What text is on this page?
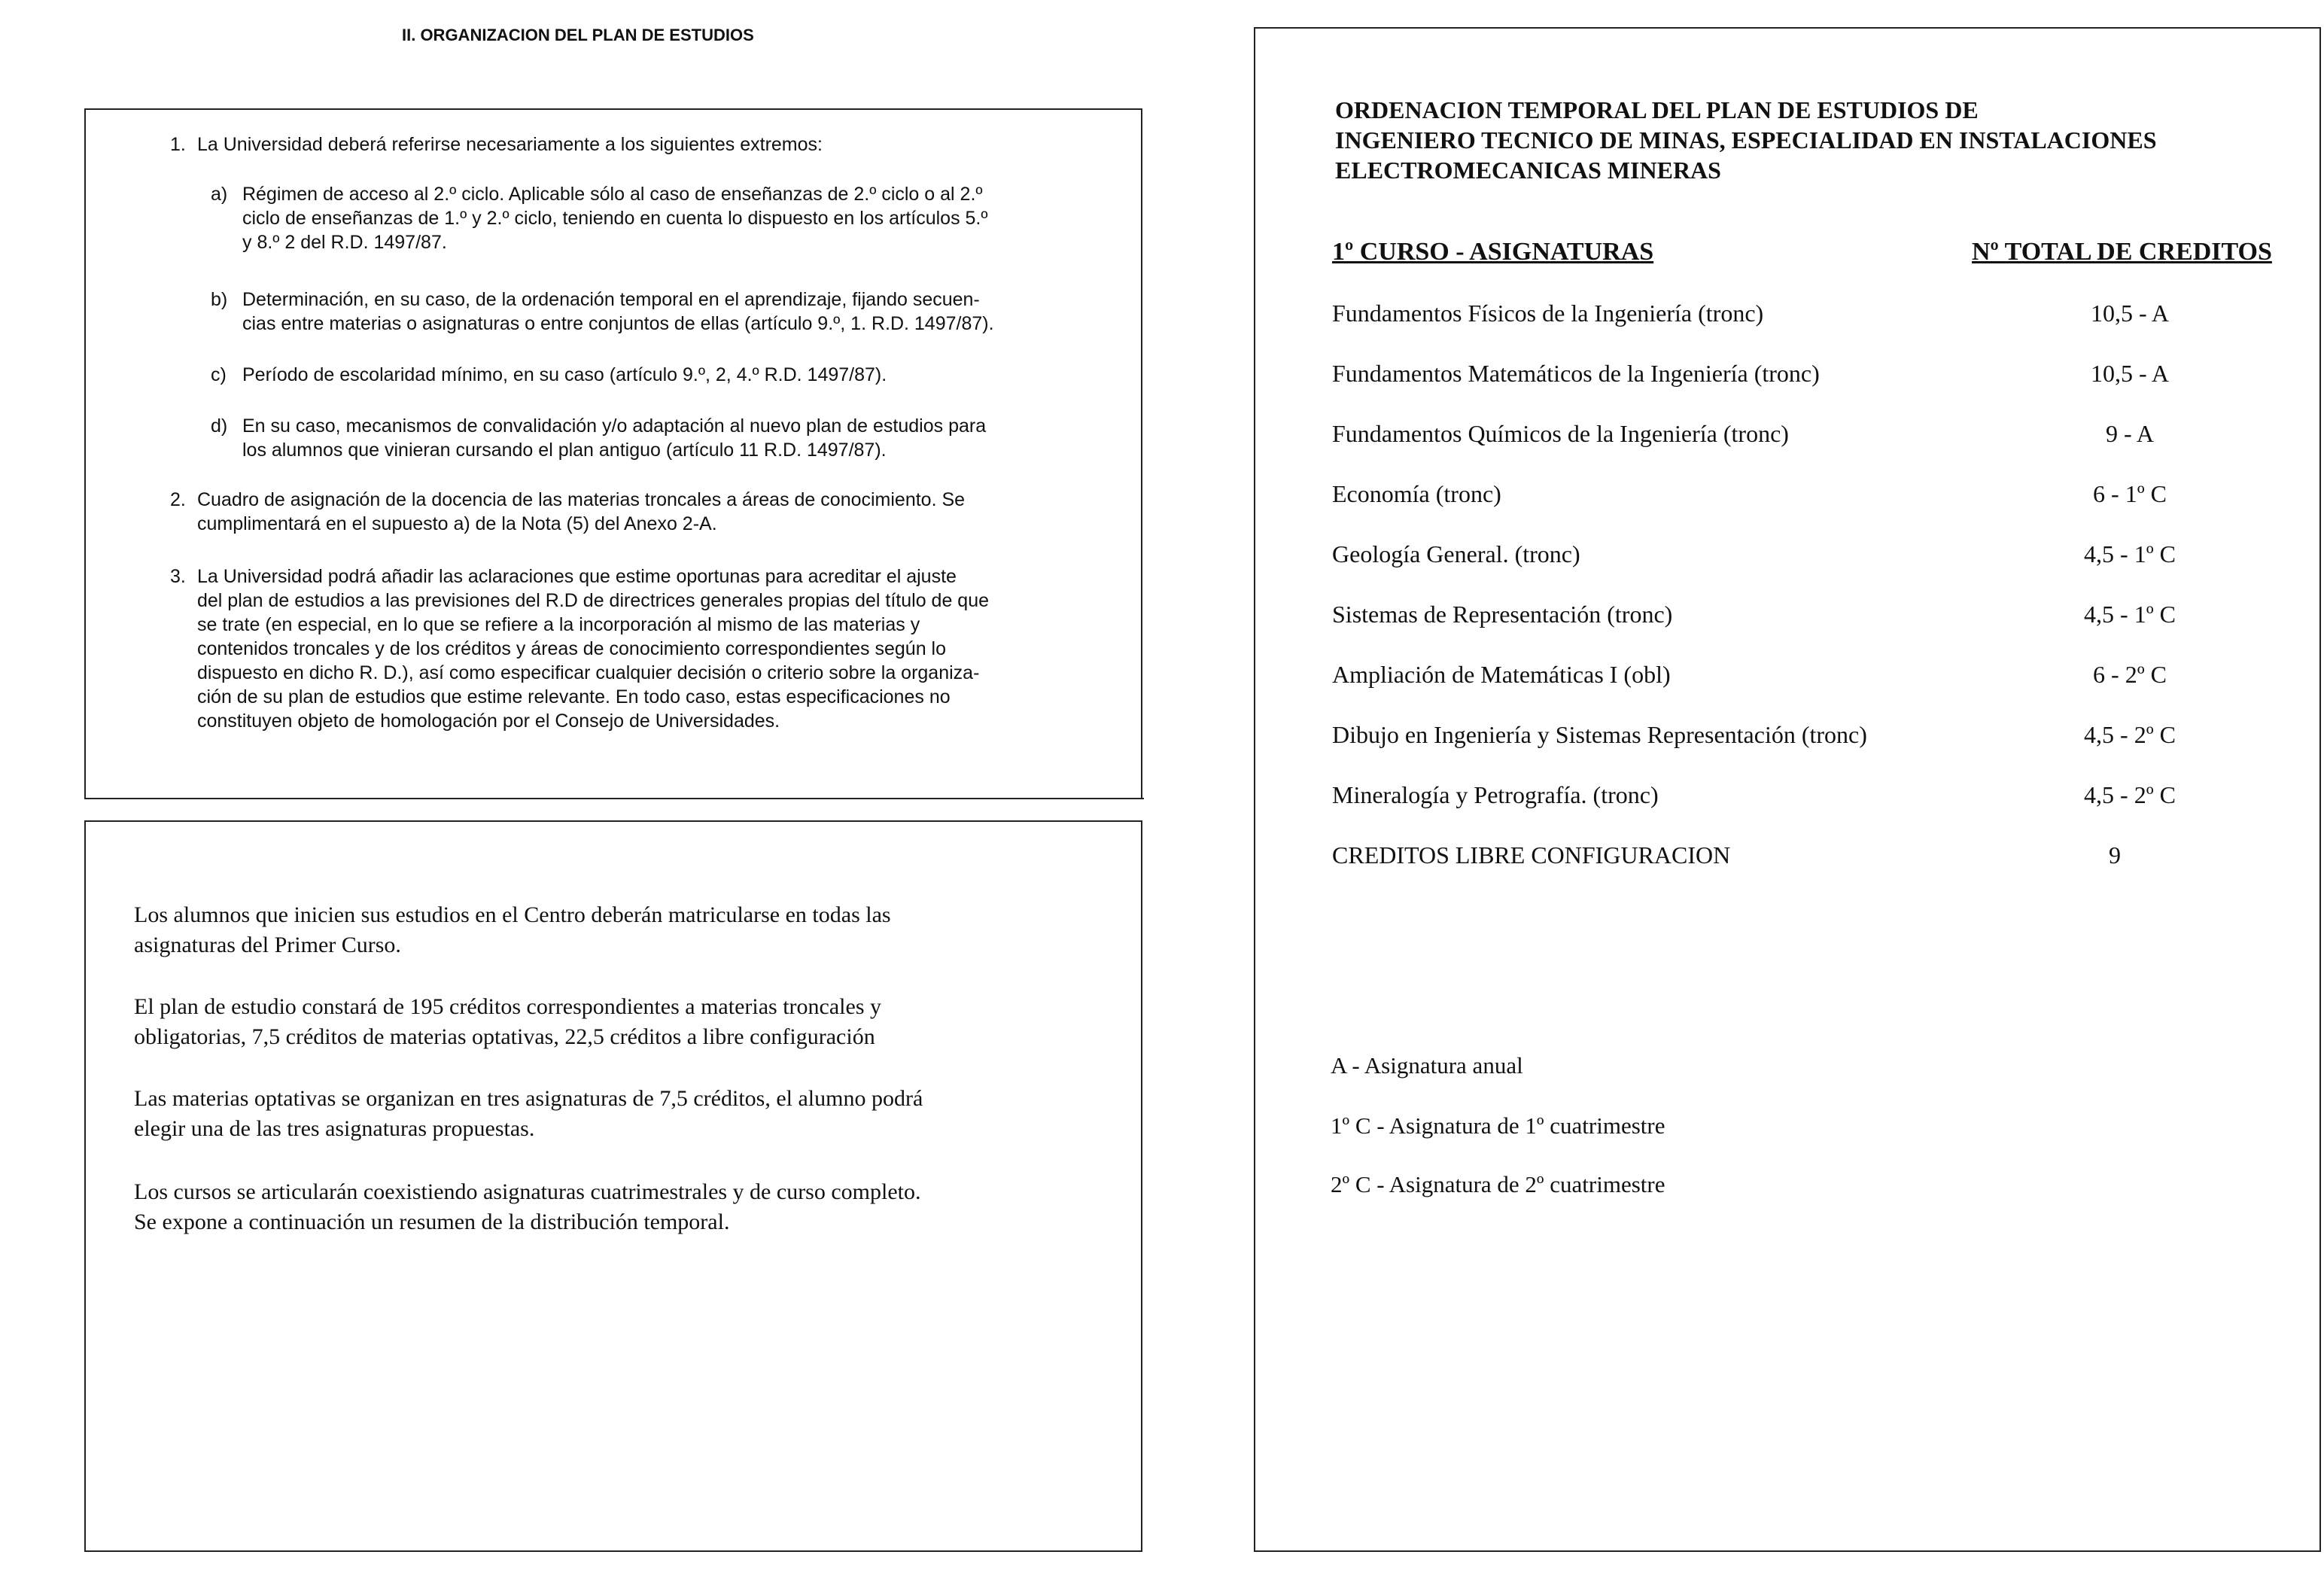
II. ORGANIZACION DEL PLAN DE ESTUDIOS
1. La Universidad deberá referirse necesariamente a los siguientes extremos:
a) Régimen de acceso al 2.º ciclo. Aplicable sólo al caso de enseñanzas de 2.º ciclo o al 2.º
ciclo de enseñanzas de 1.º y 2.º ciclo, teniendo en cuenta lo dispuesto en los artículos 5.º
y 8.º 2 del R.D. 1497/87.
b) Determinación, en su caso, de la ordenación temporal en el aprendizaje, fijando secuen-
cias entre materias o asignaturas o entre conjuntos de ellas (artículo 9.º, 1. R.D. 1497/87).
c) Período de escolaridad mínimo, en su caso (artículo 9.º, 2, 4.º R.D. 1497/87).
d) En su caso, mecanismos de convalidación y/o adaptación al nuevo plan de estudios para
los alumnos que vinieran cursando el plan antiguo (artículo 11 R.D. 1497/87).
2. Cuadro de asignación de la docencia de las materias troncales a áreas de conocimiento. Se
cumplimentará en el supuesto a) de la Nota (5) del Anexo 2-A.
3. La Universidad podrá añadir las aclaraciones que estime oportunas para acreditar el ajuste
del plan de estudios a las previsiones del R.D de directrices generales propias del título de que
se trate (en especial, en lo que se refiere a la incorporación al mismo de las materias y
contenidos troncales y de los créditos y áreas de conocimiento correspondientes según lo
dispuesto en dicho R. D.), así como especificar cualquier decisión o criterio sobre la organiza-
ción de su plan de estudios que estime relevante. En todo caso, estas especificaciones no
constituyen objeto de homologación por el Consejo de Universidades.
Los alumnos que inicien sus estudios en el Centro deberán matricularse en todas las
asignaturas del Primer Curso.
El plan de estudio constará de 195 créditos correspondientes a materias troncales y
obligatorias, 7,5 créditos de materias optativas, 22,5 créditos a libre configuración
Las materias optativas se organizan en tres asignaturas de 7,5 créditos, el alumno podrá
elegir una de las tres asignaturas propuestas.
Los cursos se articularán coexistiendo asignaturas cuatrimestrales y de curso completo.
Se expone a continuación un resumen de la distribución temporal.
ORDENACION TEMPORAL DEL PLAN DE ESTUDIOS DE
INGENIERO TECNICO DE MINAS, ESPECIALIDAD EN INSTALACIONES
ELECTROMECANICAS MINERAS
1º CURSO - ASIGNATURAS	Nº TOTAL DE CREDITOS
Fundamentos Físicos de la Ingeniería (tronc)	10,5 - A
Fundamentos Matemáticos de la Ingeniería (tronc)	10,5 - A
Fundamentos Químicos de la Ingeniería (tronc)	9 - A
Economía (tronc)	6 - 1º C
Geología General. (tronc)	4,5 - 1º C
Sistemas de Representación (tronc)	4,5 - 1º C
Ampliación de Matemáticas I (obl)	6 - 2º C
Dibujo en Ingeniería y Sistemas Representación (tronc)	4,5 - 2º C
Mineralogía y Petrografía. (tronc)	4,5 - 2º C
CREDITOS LIBRE CONFIGURACION	9
A - Asignatura anual
1º C - Asignatura de 1º cuatrimestre
2º C - Asignatura de 2º cuatrimestre
